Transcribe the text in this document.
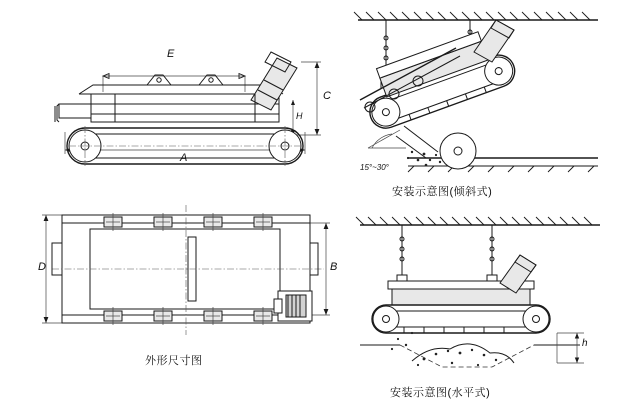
E
A
C
H
D	B
外形尺寸图
15°~30°
安装示意图(倾斜式)
h
安装示意图(水平式)
